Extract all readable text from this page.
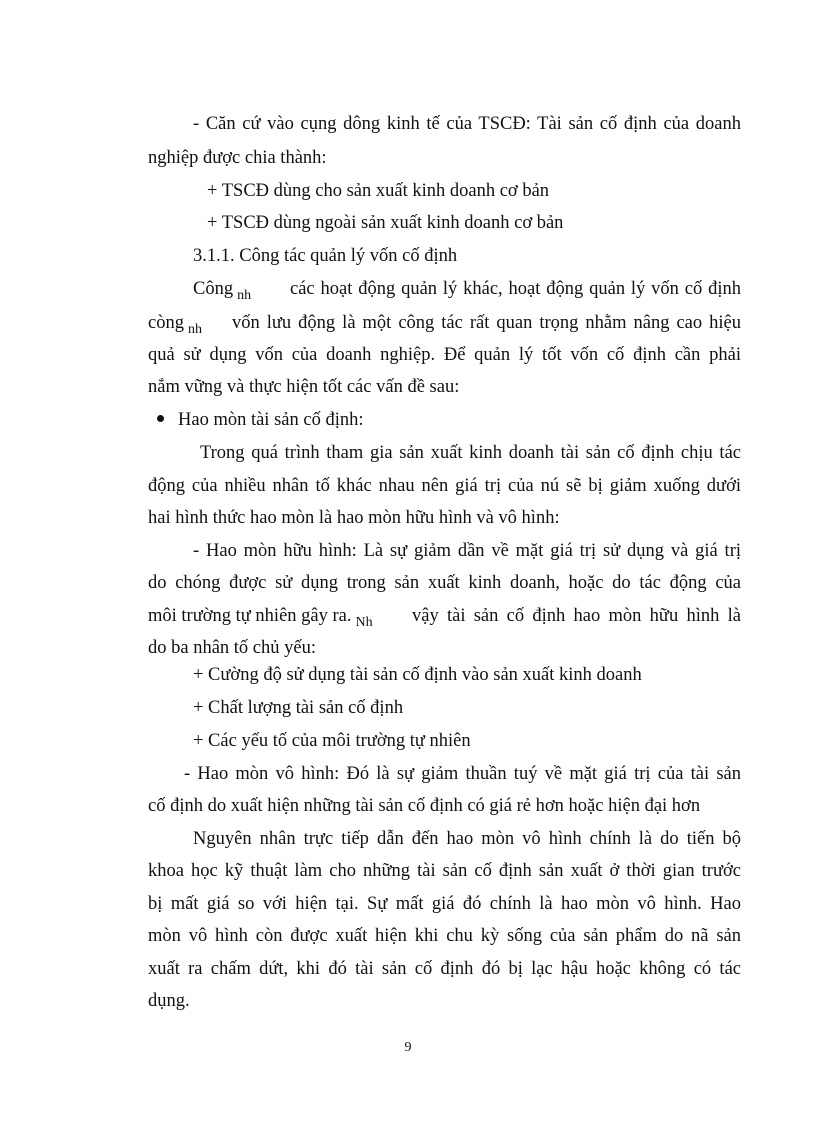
- Căn cứ vào cụng dông kinh tế của TSCĐ: Tài sản cố định của doanh
nghiệp được chia thành:
+ TSCĐ dùng cho sản xuất kinh doanh cơ bản
+ TSCĐ dùng ngoài sản xuất kinh doanh cơ bản
3.1.1. Công tác quản lý vốn cố định
Công $_{nh}$	các hoạt động quản lý khác, hoạt động quản lý vốn cố định
còng $_{nh}$	vốn lưu động là một công tác rất quan trọng nhằm nâng cao hiệu
quả sử dụng vốn của doanh nghiệp. Để quản lý tốt vốn cố định cần phải
nắm vững và thực hiện tốt các vấn đề sau:
Hao mòn tài sản cố định:
Trong quá trình tham gia sản xuất kinh doanh tài sản cố định chịu tác
động của nhiều nhân tố khác nhau nên giá trị của nú sẽ bị giảm xuống dưới
hai hình thức hao mòn là hao mòn hữu hình và vô hình:
- Hao mòn hữu hình: Là sự giảm dần về mặt giá trị sử dụng và giá trị
do chóng được sử dụng trong sản xuất kinh doanh, hoặc do tác động của
môi trường tự nhiên gây ra. $_{Nh}$	vậy tài sản cố định hao mòn hữu hình là
do ba nhân tố chủ yếu:
+ Cường độ sử dụng tài sản cố định vào sản xuất kinh doanh
+ Chất lượng tài sản cố định
+ Các yếu tố của môi trường tự nhiên
- Hao mòn vô hình: Đó là sự giảm thuần tuý về mặt giá trị của tài sản
cố định do xuất hiện những tài sản cố định có giá rẻ hơn hoặc hiện đại hơn
Nguyên nhân trực tiếp dẫn đến hao mòn vô hình chính là do tiến bộ
khoa học kỹ thuật làm cho những tài sản cố định sản xuất ở thời gian trước
bị mất giá so với hiện tại. Sự mất giá đó chính là hao mòn vô hình. Hao
mòn vô hình còn được xuất hiện khi chu kỳ sống của sản phẩm do nã sản
xuất ra chấm dứt, khi đó tài sản cố định đó bị lạc hậu hoặc không có tác
dụng.
9
